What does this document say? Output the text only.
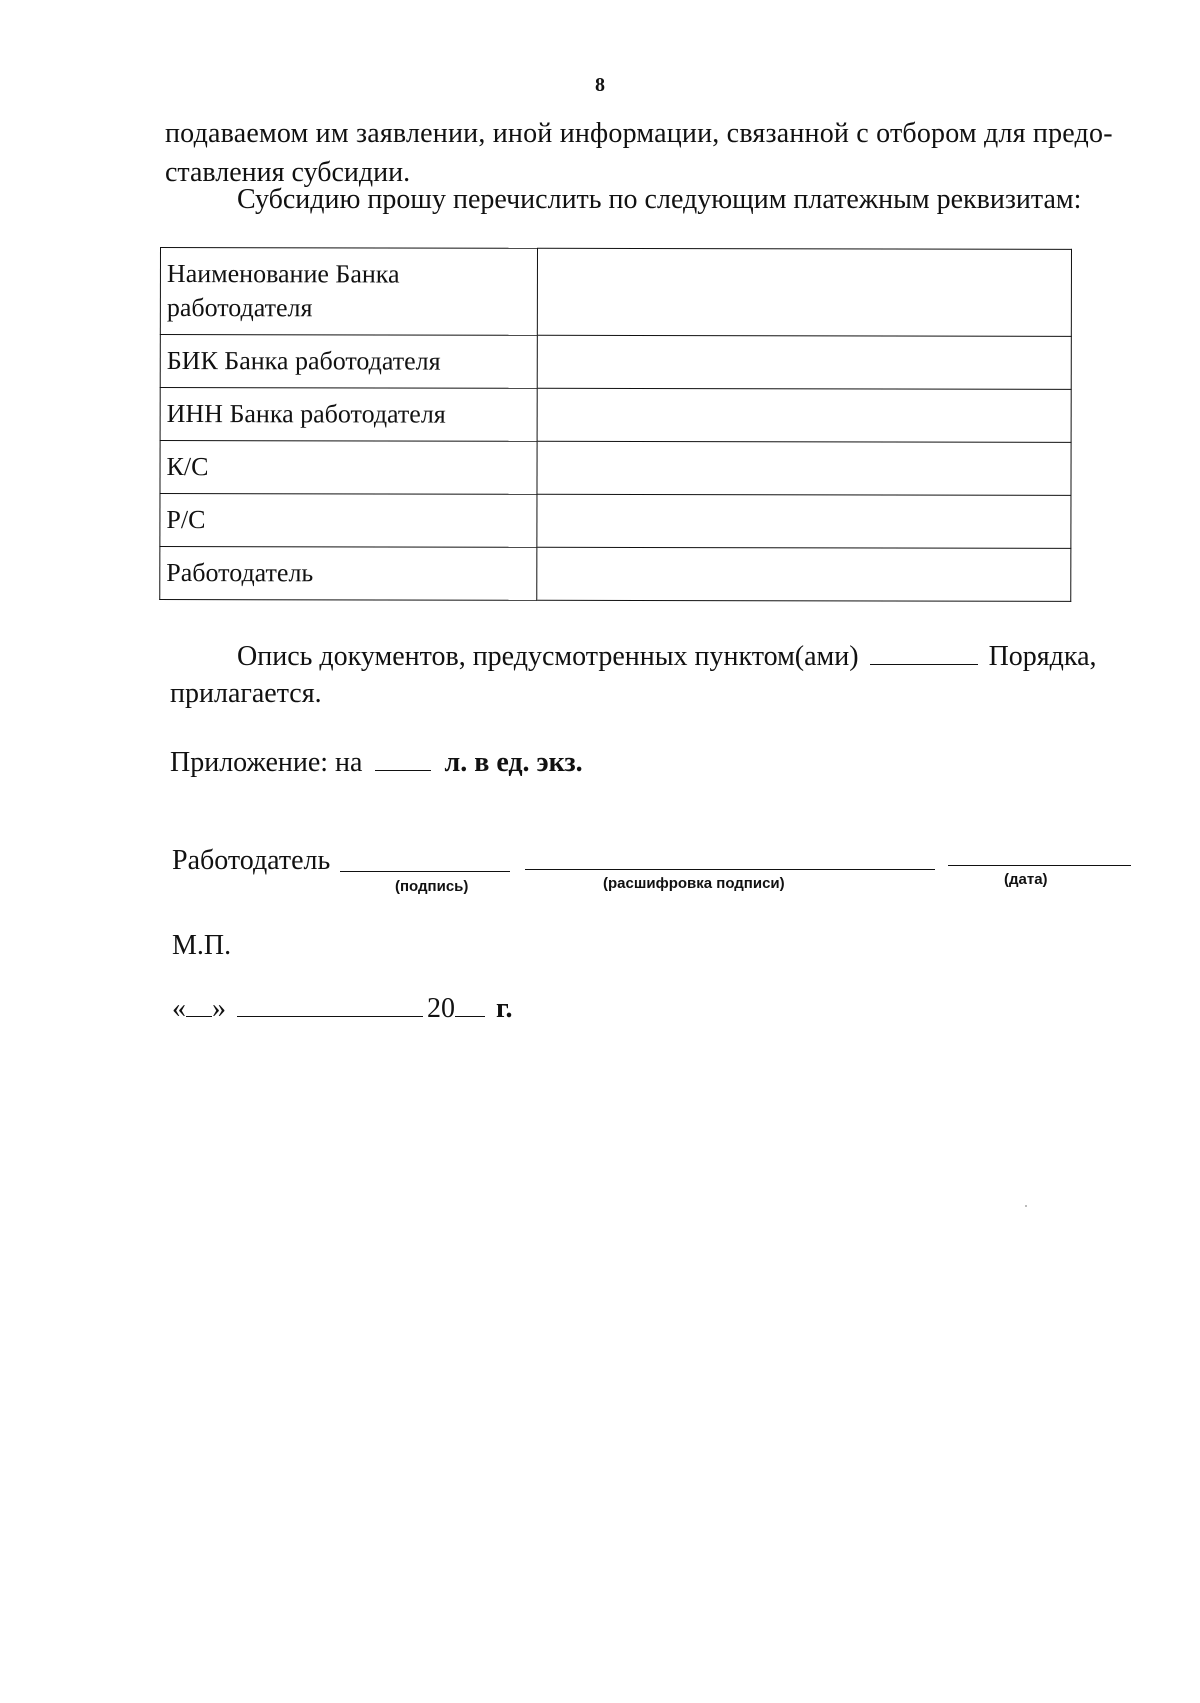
8
подаваемом им заявлении, иной информации, связанной с отбором для предо-
ставления субсидии.
Субсидию прошу перечислить по следующим платежным реквизитам:
Наименование Банка работодателя	
БИК Банка работодателя	
ИНН Банка работодателя	
К/С	
Р/С	
Работодатель	
Опись документов, предусмотренных пунктом(ами)	Порядка,
прилагается.
Приложение: на	л. в ед. экз.
Работодатель
(подпись)	(расшифровка подписи)	(дата)
М.П.
« »	20 г.
